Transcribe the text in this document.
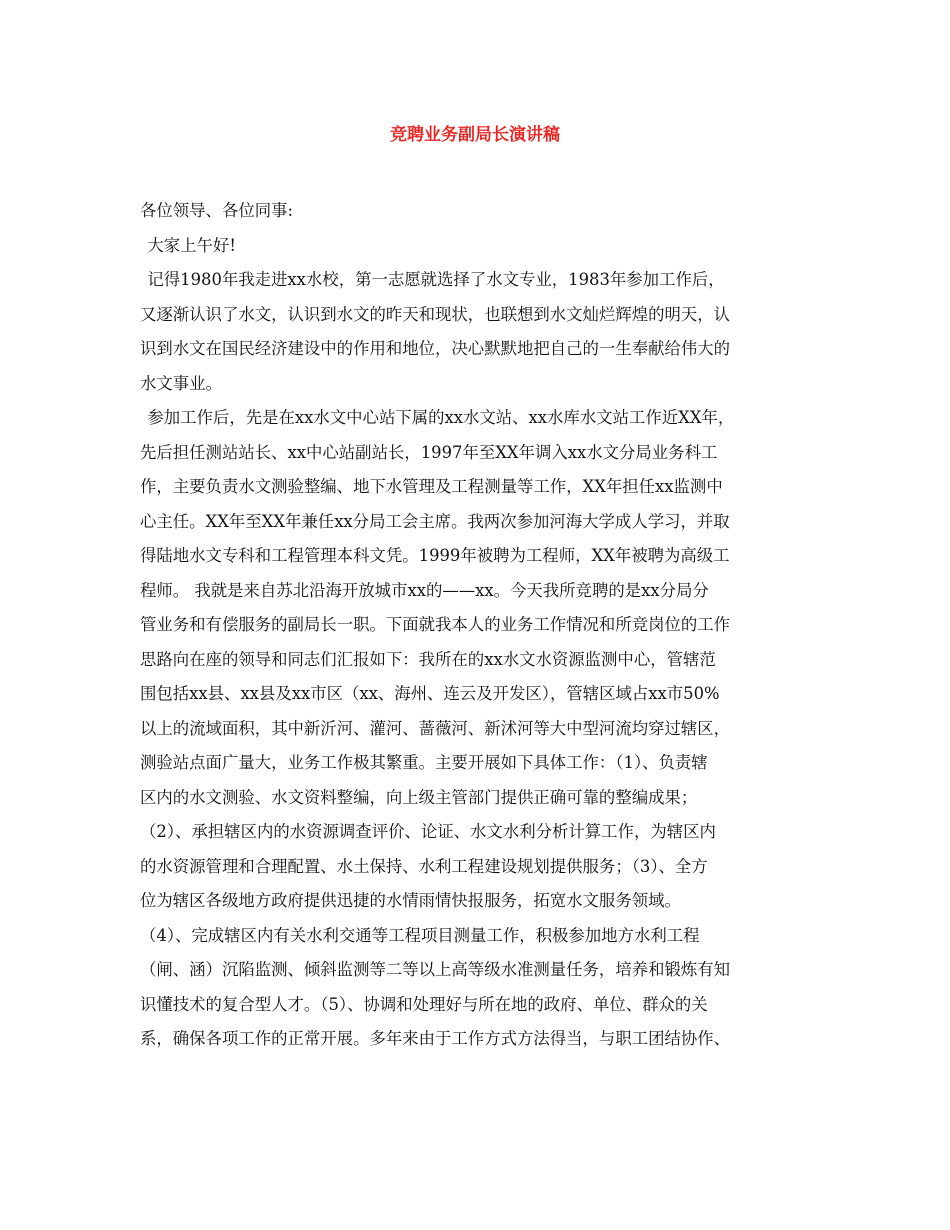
竞聘业务副局长演讲稿

各位领导、各位同事:

大家上午好!

记得1980年我走进xx水校，第一志愿就选择了水文专业，1983年参加工作后，
又逐渐认识了水文，认识到水文的昨天和现状，也联想到水文灿烂辉煌的明天，认
识到水文在国民经济建设中的作用和地位，决心默默地把自己的一生奉献给伟大的
水文事业。

参加工作后，先是在xx水文中心站下属的xx水文站、xx水库水文站工作近XX年，
先后担任测站站长、xx中心站副站长，1997年至XX年调入xx水文分局业务科工
作，主要负责水文测验整编、地下水管理及工程测量等工作，XX年担任xx监测中
心主任。XX年至XX年兼任xx分局工会主席。我两次参加河海大学成人学习，并取
得陆地水文专科和工程管理本科文凭。1999年被聘为工程师，XX年被聘为高级工
程师。 我就是来自苏北沿海开放城市xx的——xx。今天我所竞聘的是xx分局分
管业务和有偿服务的副局长一职。下面就我本人的业务工作情况和所竞岗位的工作
思路向在座的领导和同志们汇报如下：我所在的xx水文水资源监测中心，管辖范
围包括xx县、xx县及xx市区（xx、海州、连云及开发区），管辖区域占xx市50%
以上的流域面积，其中新沂河、灌河、蔷薇河、新沭河等大中型河流均穿过辖区，
测验站点面广量大，业务工作极其繁重。主要开展如下具体工作：（1）、负责辖
区内的水文测验、水文资料整编，向上级主管部门提供正确可靠的整编成果；
（2）、承担辖区内的水资源调查评价、论证、水文水利分析计算工作，为辖区内
的水资源管理和合理配置、水土保持、水利工程建设规划提供服务；（3）、全方
位为辖区各级地方政府提供迅捷的水情雨情快报服务，拓宽水文服务领域。
（4）、完成辖区内有关水利交通等工程项目测量工作，积极参加地方水利工程
（闸、涵）沉陷监测、倾斜监测等二等以上高等级水准测量任务，培养和锻炼有知
识懂技术的复合型人才。（5）、协调和处理好与所在地的政府、单位、群众的关
系，确保各项工作的正常开展。多年来由于工作方式方法得当，与职工团结协作、
